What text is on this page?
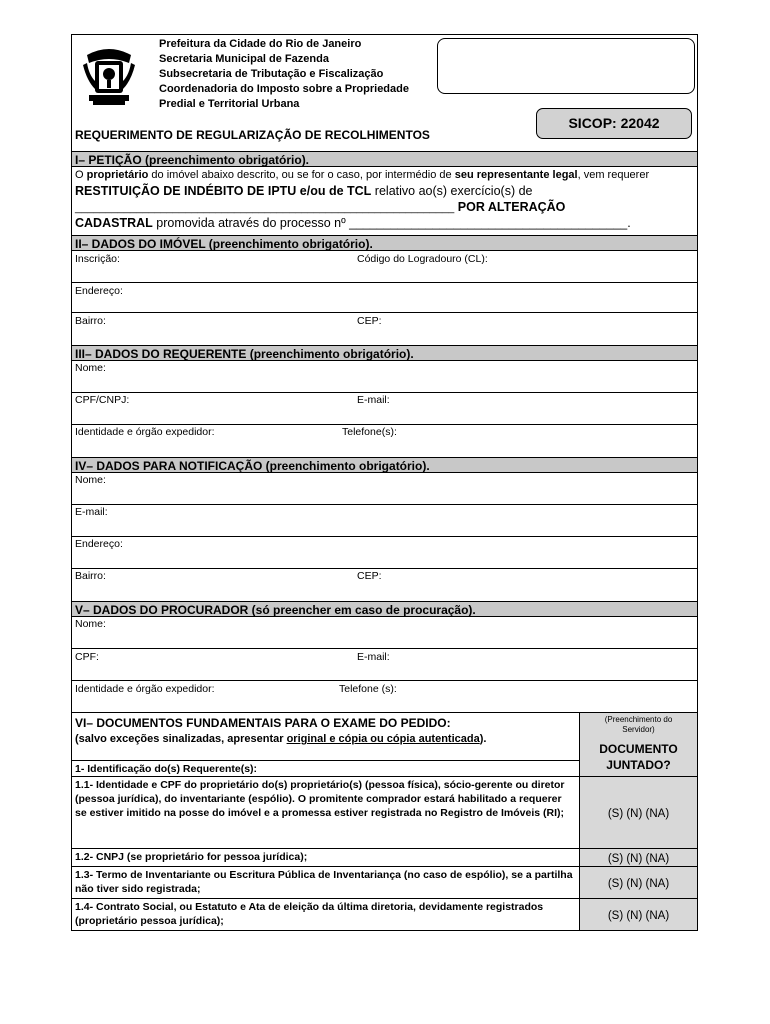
Prefeitura da Cidade do Rio de Janeiro
Secretaria Municipal de Fazenda
Subsecretaria de Tributação e Fiscalização
Coordenadoria do Imposto sobre a Propriedade
Predial e Territorial Urbana
SICOP: 22042
REQUERIMENTO DE REGULARIZAÇÃO DE RECOLHIMENTOS
I– PETIÇÃO (preenchimento obrigatório).
O proprietário do imóvel abaixo descrito, ou se for o caso, por intermédio de seu representante legal, vem requerer
RESTITUIÇÃO DE INDÉBITO DE IPTU e/ou de TCL relativo ao(s) exercício(s) de
______________________________________________________________ POR ALTERAÇÃO
CADASTRAL promovida através do processo nº ________________________________________.
II– DADOS DO IMÓVEL (preenchimento obrigatório).
Inscrição:	Código do Logradouro (CL):
Endereço:
Bairro:	CEP:
III– DADOS DO REQUERENTE (preenchimento obrigatório).
Nome:
CPF/CNPJ:	E-mail:
Identidade e órgão expedidor:	Telefone(s):
IV– DADOS PARA NOTIFICAÇÃO (preenchimento obrigatório).
Nome:
E-mail:
Endereço:
Bairro:	CEP:
V– DADOS DO PROCURADOR (só preencher em caso de procuração).
Nome:
CPF:	E-mail:
Identidade e órgão expedidor:	Telefone (s):
VI– DOCUMENTOS FUNDAMENTAIS PARA O EXAME DO PEDIDO:
(salvo exceções sinalizadas, apresentar original e cópia ou cópia autenticada).
1- Identificação do(s) Requerente(s):
(Preenchimento do Servidor)
DOCUMENTO JUNTADO?
1.1- Identidade e CPF do proprietário do(s) proprietário(s) (pessoa física), sócio-gerente ou diretor (pessoa jurídica), do inventariante (espólio). O promitente comprador estará habilitado a requerer se estiver imitido na posse do imóvel e a promessa estiver registrada no Registro de Imóveis (RI);	(S) (N) (NA)
1.2- CNPJ (se proprietário for pessoa jurídica);	(S) (N) (NA)
1.3- Termo de Inventariante ou Escritura Pública de Inventariança (no caso de espólio), se a partilha não tiver sido registrada;	(S) (N) (NA)
1.4- Contrato Social, ou Estatuto e Ata de eleição da última diretoria, devidamente registrados (proprietário pessoa jurídica);	(S) (N) (NA)
